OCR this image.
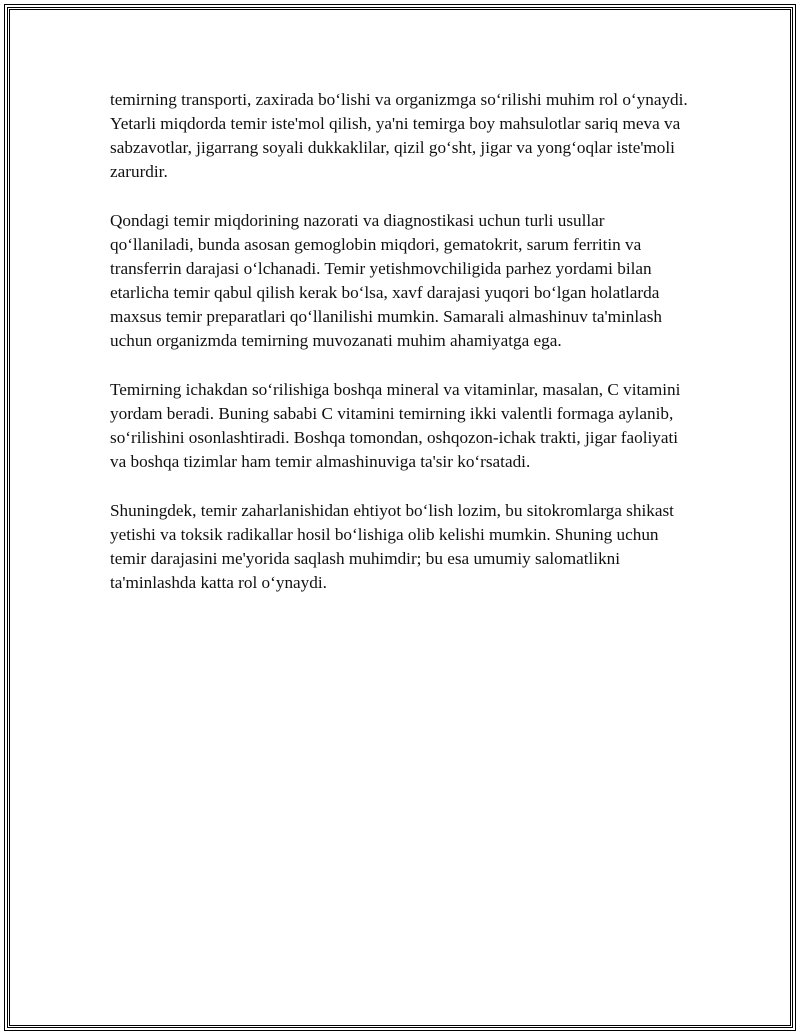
temirning transporti, zaxirada bo‘lishi va organizmga so‘rilishi muhim rol o‘ynaydi. Yetarli miqdorda temir iste'mol qilish, ya'ni temirga boy mahsulotlar sariq meva va sabzavotlar, jigarrang soyali dukkaklilar, qizil go‘sht, jigar va yong‘oqlar iste'moli zarurdir.

Qondagi temir miqdorining nazorati va diagnostikasi uchun turli usullar qo‘llaniladi, bunda asosan gemoglobin miqdori, gematokrit, sarum ferritin va transferrin darajasi o‘lchanadi. Temir yetishmovchiligida parhez yordami bilan etarlicha temir qabul qilish kerak bo‘lsa, xavf darajasi yuqori bo‘lgan holatlarda maxsus temir preparatlari qo‘llanilishi mumkin. Samarali almashinuv ta'minlash uchun organizmda temirning muvozanati muhim ahamiyatga ega.

Temirning ichakdan so‘rilishiga boshqa mineral va vitaminlar, masalan, C vitamini yordam beradi. Buning sababi C vitamini temirning ikki valentli formaga aylanib, so‘rilishini osonlashtiradi. Boshqa tomondan, oshqozon-ichak trakti, jigar faoliyati va boshqa tizimlar ham temir almashinuviga ta'sir ko‘rsatadi.

Shuningdek, temir zaharlanishidan ehtiyot bo‘lish lozim, bu sitokromlarga shikast yetishi va toksik radikallar hosil bo‘lishiga olib kelishi mumkin. Shuning uchun temir darajasini me'yorida saqlash muhimdir; bu esa umumiy salomatlikni ta'minlashda katta rol o‘ynaydi.
